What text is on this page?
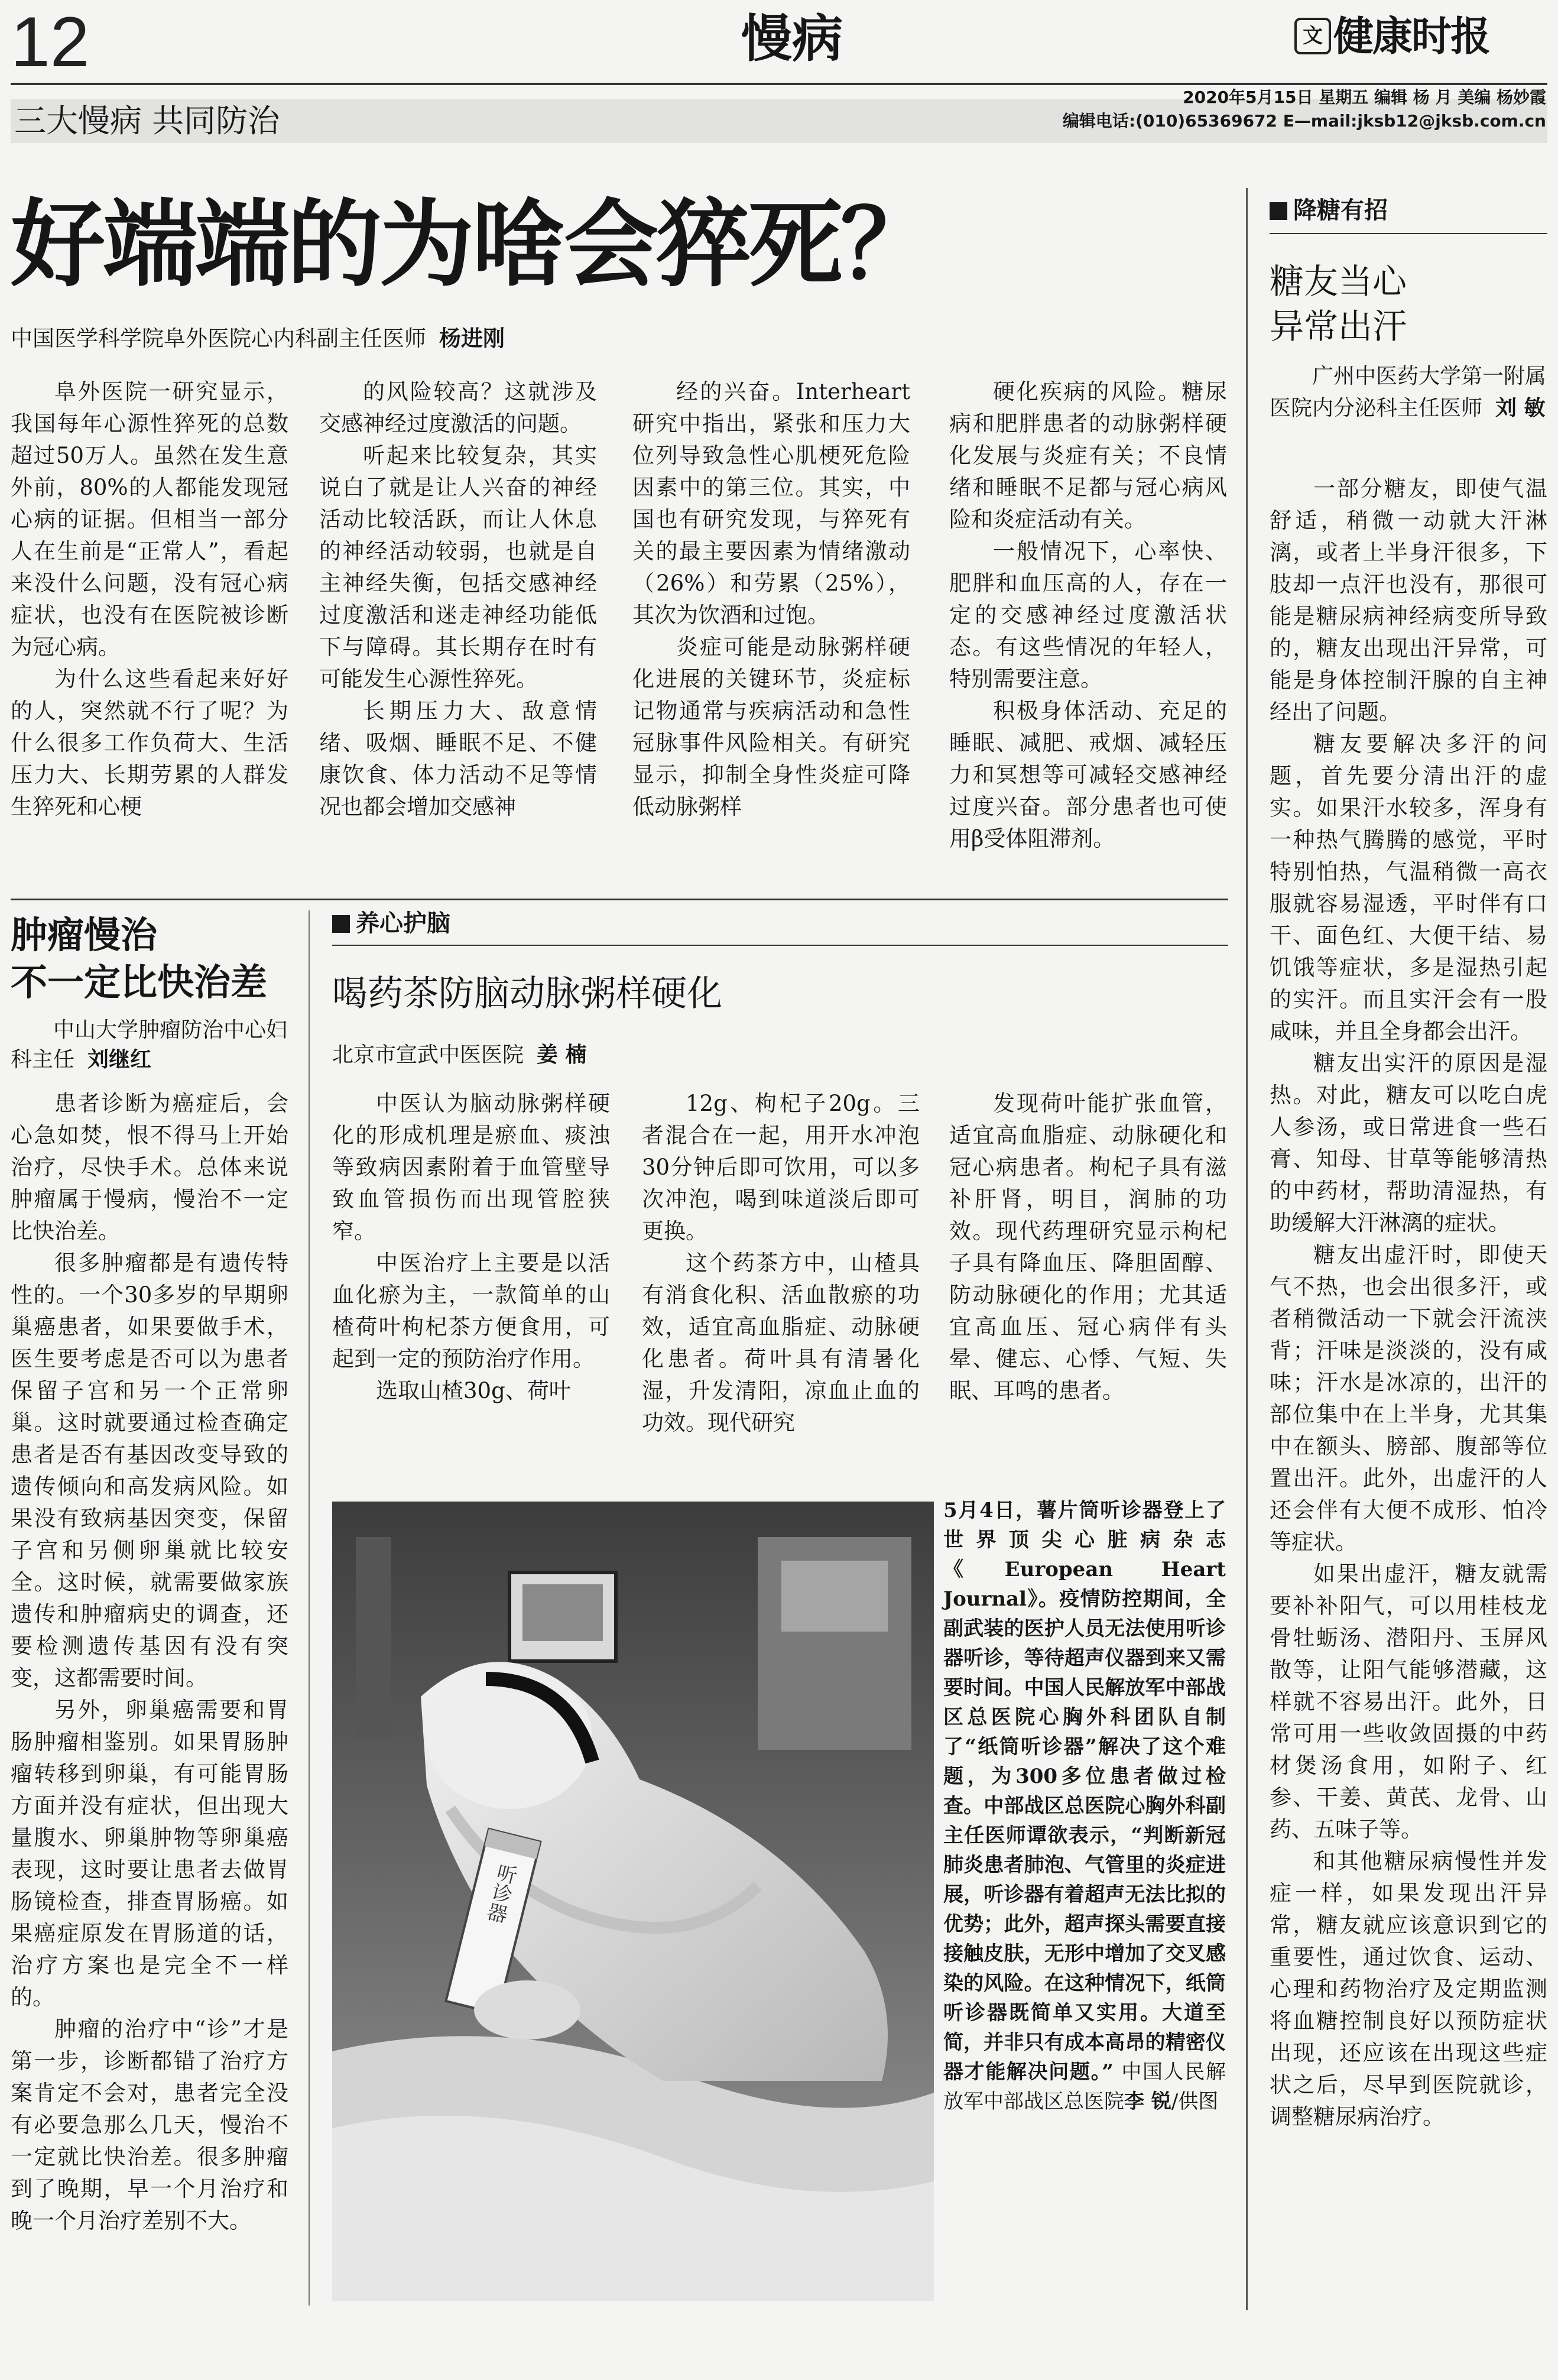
12	慢病	文 健康时报
三大慢病 共同防治
2020年5月15日 星期五 编辑 杨 月 美编 杨妙霞
编辑电话:(010)65369672 E—mail:jksb12@jksb.com.cn
好端端的为啥会猝死？
中国医学科学院阜外医院心内科副主任医师 杨进刚

阜外医院一研究显示，我国每年心源性猝死的总数超过50万人。虽然在发生意外前，80%的人都能发现冠心病的证据。但相当一部分人在生前是“正常人”，看起来没什么问题，没有冠心病症状，也没有在医院被诊断为冠心病。

为什么这些看起来好好的人，突然就不行了呢？为什么很多工作负荷大、生活压力大、长期劳累的人群发生猝死和心梗

的风险较高？这就涉及交感神经过度激活的问题。

听起来比较复杂，其实说白了就是让人兴奋的神经活动比较活跃，而让人休息的神经活动较弱，也就是自主神经失衡，包括交感神经过度激活和迷走神经功能低下与障碍。其长期存在时有可能发生心源性猝死。

长期压力大、敌意情绪、吸烟、睡眠不足、不健康饮食、体力活动不足等情况也都会增加交感神

经的兴奋。Interheart研究中指出，紧张和压力大位列导致急性心肌梗死危险因素中的第三位。其实，中国也有研究发现，与猝死有关的最主要因素为情绪激动（26%）和劳累（25%），其次为饮酒和过饱。

炎症可能是动脉粥样硬化进展的关键环节，炎症标记物通常与疾病活动和急性冠脉事件风险相关。有研究显示，抑制全身性炎症可降低动脉粥样

硬化疾病的风险。糖尿病和肥胖患者的动脉粥样硬化发展与炎症有关；不良情绪和睡眠不足都与冠心病风险和炎症活动有关。

一般情况下，心率快、肥胖和血压高的人，存在一定的交感神经过度激活状态。有这些情况的年轻人，特别需要注意。

积极身体活动、充足的睡眠、减肥、戒烟、减轻压力和冥想等可减轻交感神经过度兴奋。部分患者也可使用β受体阻滞剂。

肿瘤慢治
不一定比快治差
中山大学肿瘤防治中心妇科主任 刘继红

患者诊断为癌症后，会心急如焚，恨不得马上开始治疗，尽快手术。总体来说肿瘤属于慢病，慢治不一定比快治差。

很多肿瘤都是有遗传特性的。一个30多岁的早期卵巢癌患者，如果要做手术，医生要考虑是否可以为患者保留子宫和另一个正常卵巢。这时就要通过检查确定患者是否有基因改变导致的遗传倾向和高发病风险。如果没有致病基因突变，保留子宫和另侧卵巢就比较安全。这时候，就需要做家族遗传和肿瘤病史的调查，还要检测遗传基因有没有突变，这都需要时间。

另外，卵巢癌需要和胃肠肿瘤相鉴别。如果胃肠肿瘤转移到卵巢，有可能胃肠方面并没有症状，但出现大量腹水、卵巢肿物等卵巢癌表现，这时要让患者去做胃肠镜检查，排查胃肠癌。如果癌症原发在胃肠道的话，治疗方案也是完全不一样的。

肿瘤的治疗中“诊”才是第一步，诊断都错了治疗方案肯定不会对，患者完全没有必要急那么几天，慢治不一定就比快治差。很多肿瘤到了晚期，早一个月治疗和晚一个月治疗差别不大。

养心护脑
喝药茶防脑动脉粥样硬化
北京市宣武中医医院 姜 楠

中医认为脑动脉粥样硬化的形成机理是瘀血、痰浊等致病因素附着于血管壁导致血管损伤而出现管腔狭窄。

中医治疗上主要是以活血化瘀为主，一款简单的山楂荷叶枸杞茶方便食用，可起到一定的预防治疗作用。

选取山楂30g、荷叶

12g、枸杞子20g。三者混合在一起，用开水冲泡30分钟后即可饮用，可以多次冲泡，喝到味道淡后即可更换。

这个药茶方中，山楂具有消食化积、活血散瘀的功效，适宜高血脂症、动脉硬化患者。荷叶具有清暑化湿，升发清阳，凉血止血的功效。现代研究

发现荷叶能扩张血管，适宜高血脂症、动脉硬化和冠心病患者。枸杞子具有滋补肝肾，明目，润肺的功效。现代药理研究显示枸杞子具有降血压、降胆固醇、防动脉硬化的作用；尤其适宜高血压、冠心病伴有头晕、健忘、心悸、气短、失眠、耳鸣的患者。

听诊器
5月4日，薯片筒听诊器登上了世界顶尖心脏病杂志《European Heart Journal》。疫情防控期间，全副武装的医护人员无法使用听诊器听诊，等待超声仪器到来又需要时间。中国人民解放军中部战区总医院心胸外科团队自制了“纸筒听诊器”解决了这个难题，为300多位患者做过检查。中部战区总医院心胸外科副主任医师谭欲表示，“判断新冠肺炎患者肺泡、气管里的炎症进展，听诊器有着超声无法比拟的优势；此外，超声探头需要直接接触皮肤，无形中增加了交叉感染的风险。在这种情况下，纸筒听诊器既简单又实用。大道至简，并非只有成本高昂的精密仪器才能解决问题。” 中国人民解放军中部战区总医院李 锐/供图
降糖有招
糖友当心
异常出汗
广州中医药大学第一附属医院内分泌科主任医师 刘 敏

一部分糖友，即使气温舒适，稍微一动就大汗淋漓，或者上半身汗很多，下肢却一点汗也没有，那很可能是糖尿病神经病变所导致的，糖友出现出汗异常，可能是身体控制汗腺的自主神经出了问题。

糖友要解决多汗的问题，首先要分清出汗的虚实。如果汗水较多，浑身有一种热气腾腾的感觉，平时特别怕热，气温稍微一高衣服就容易湿透，平时伴有口干、面色红、大便干结、易饥饿等症状，多是湿热引起的实汗。而且实汗会有一股咸味，并且全身都会出汗。

糖友出实汗的原因是湿热。对此，糖友可以吃白虎人参汤，或日常进食一些石膏、知母、甘草等能够清热的中药材，帮助清湿热，有助缓解大汗淋漓的症状。

糖友出虚汗时，即使天气不热，也会出很多汗，或者稍微活动一下就会汗流浃背；汗味是淡淡的，没有咸味；汗水是冰凉的，出汗的部位集中在上半身，尤其集中在额头、膀部、腹部等位置出汗。此外，出虚汗的人还会伴有大便不成形、怕冷等症状。

如果出虚汗，糖友就需要补补阳气，可以用桂枝龙骨牡蛎汤、潜阳丹、玉屏风散等，让阳气能够潜藏，这样就不容易出汗。此外，日常可用一些收敛固摄的中药材煲汤食用，如附子、红参、干姜、黄芪、龙骨、山药、五味子等。

和其他糖尿病慢性并发症一样，如果发现出汗异常，糖友就应该意识到它的重要性，通过饮食、运动、心理和药物治疗及定期监测将血糖控制良好以预防症状出现，还应该在出现这些症状之后，尽早到医院就诊，调整糖尿病治疗。
